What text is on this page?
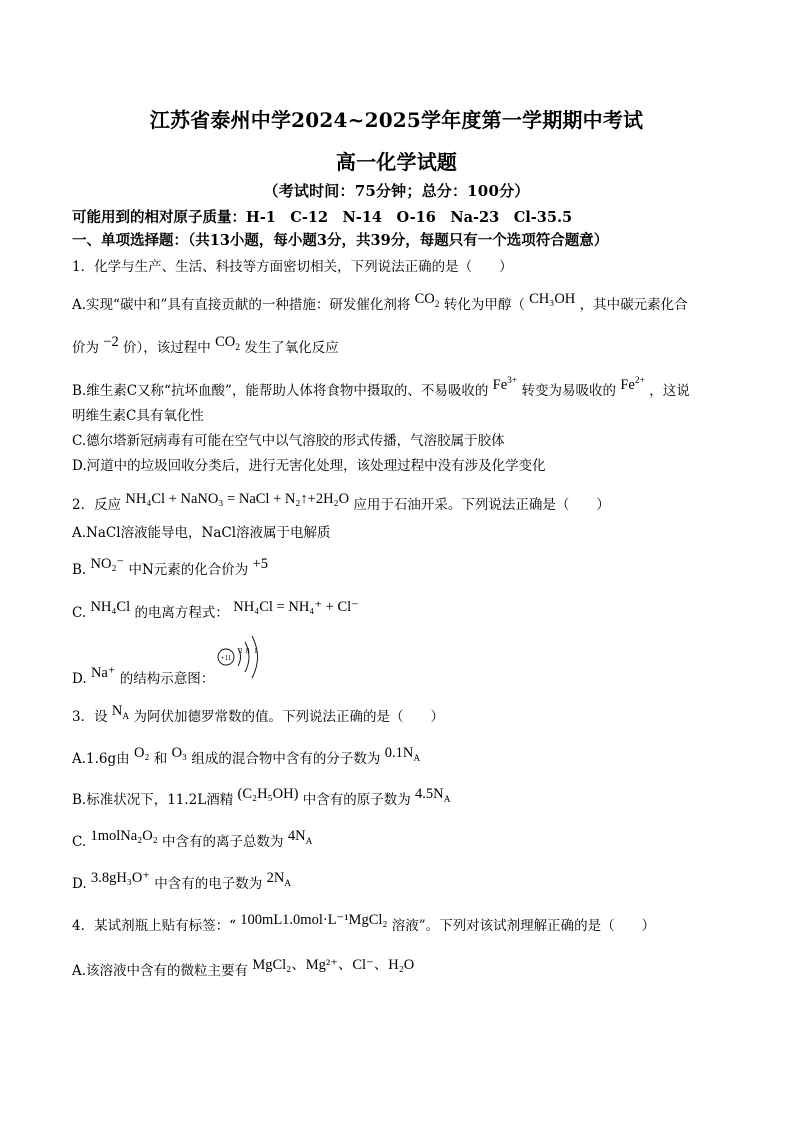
江苏省泰州中学2024~2025学年度第一学期期中考试
高一化学试题
（考试时间：75分钟；总分：100分）
可能用到的相对原子质量：H-1　C-12　N-14　O-16　Na-23　Cl-35.5
一、单项选择题：（共13小题，每小题3分，共39分，每题只有一个选项符合题意）
1．化学与生产、生活、科技等方面密切相关，下列说法正确的是（　　）
A.实现“碳中和”具有直接贡献的一种措施：研发催化剂将 $CO_2$ 转化为甲醇（ CH₃OH ，其中碳元素化合
价为 −2 价），该过程中 $CO_2$ 发生了氧化反应
B.维生素C又称“抗坏血酸”，能帮助人体将食物中摄取的、不易吸收的 $Fe^{3+}$ 转变为易吸收的 $Fe^{2+}$ ，这说
明维生素C具有氧化性
C.德尔塔新冠病毒有可能在空气中以气溶胶的形式传播，气溶胶属于胶体
D.河道中的垃圾回收分类后，进行无害化处理，该处理过程中没有涉及化学变化
2．反应 NH₄Cl + NaNO₃ = NaCl + N₂↑+2H₂O 应用于石油开采。下列说法正确是（　　）
A.NaCl溶液能导电，NaCl溶液属于电解质
B. NO₂⁻ 中N元素的化合价为 +5
C. NH₄Cl 的电离方程式： NH₄Cl = NH₄⁺ + Cl⁻
D. Na⁺ 的结构示意图：
+11
2 8 1
3．设 $N_A$ 为阿伏加德罗常数的值。下列说法正确的是（　　）
A.1.6g由 O₂ 和 O₃ 组成的混合物中含有的分子数为 $0.1N_A$
B.标准状况下，11.2L酒精 (C₂H₅OH) 中含有的原子数为 $4.5N_A$
C. 1molNa₂O₂ 中含有的离子总数为 $4N_A$
D. 3.8gH₃O⁺ 中含有的电子数为 $2N_A$
4．某试剂瓶上贴有标签：“ 100mL1.0mol·L⁻¹MgCl₂ 溶液”。下列对该试剂理解正确的是（　　）
A.该溶液中含有的微粒主要有 MgCl₂、Mg²⁺、Cl⁻、H₂O
